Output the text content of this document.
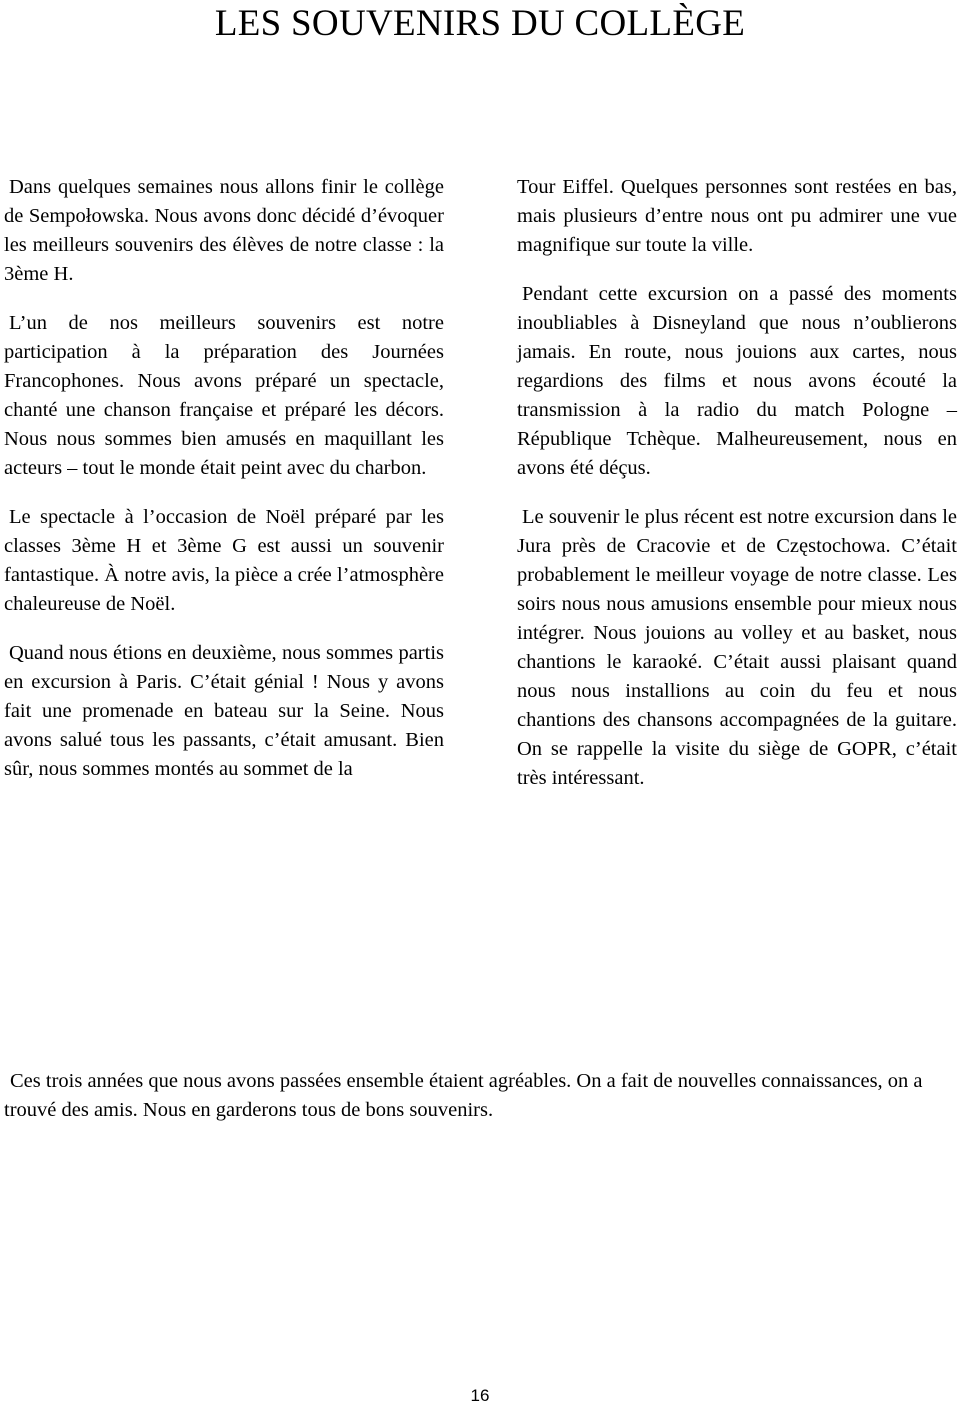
LES SOUVENIRS DU COLLÈGE

Dans quelques semaines nous allons finir le collège de Sempołowska. Nous avons donc décidé d’évoquer les meilleurs souvenirs des élèves de notre classe : la 3ème H.

L’un de nos meilleurs souvenirs est notre participation à la préparation des Journées Francophones. Nous avons préparé un spectacle, chanté une chanson française et préparé les décors. Nous nous sommes bien amusés en maquillant les acteurs – tout le monde était peint avec du charbon.

Le spectacle à l’occasion de Noël préparé par les classes 3ème H et 3ème G est aussi un souvenir fantastique. À notre avis, la pièce a crée l’atmosphère chaleureuse de Noël.

Quand nous étions en deuxième, nous sommes partis en excursion à Paris. C’était génial ! Nous y avons fait une promenade en bateau sur la Seine. Nous avons salué tous les passants, c’était amusant. Bien sûr, nous sommes montés au sommet de la

Tour Eiffel. Quelques personnes sont restées en bas, mais plusieurs d’entre nous ont pu admirer une vue magnifique sur toute la ville.

Pendant cette excursion on a passé des moments inoubliables à Disneyland que nous n’oublierons jamais. En route, nous jouions aux cartes, nous regardions des films et nous avons écouté la transmission à la radio du match Pologne – République Tchèque. Malheureusement, nous en avons été déçus.

Le souvenir le plus récent est notre excursion dans le Jura près de Cracovie et de Częstochowa. C’était probablement le meilleur voyage de notre classe. Les soirs nous nous amusions ensemble pour mieux nous intégrer. Nous jouions au volley et au basket, nous chantions le karaoké. C’était aussi plaisant quand nous nous installions au coin du feu et nous chantions des chansons accompagnées de la guitare. On se rappelle la visite du siège de GOPR, c’était très intéressant.

Ces trois années que nous avons passées ensemble étaient agréables. On a fait de nouvelles connaissances, on a trouvé des amis. Nous en garderons tous de bons souvenirs.

16
